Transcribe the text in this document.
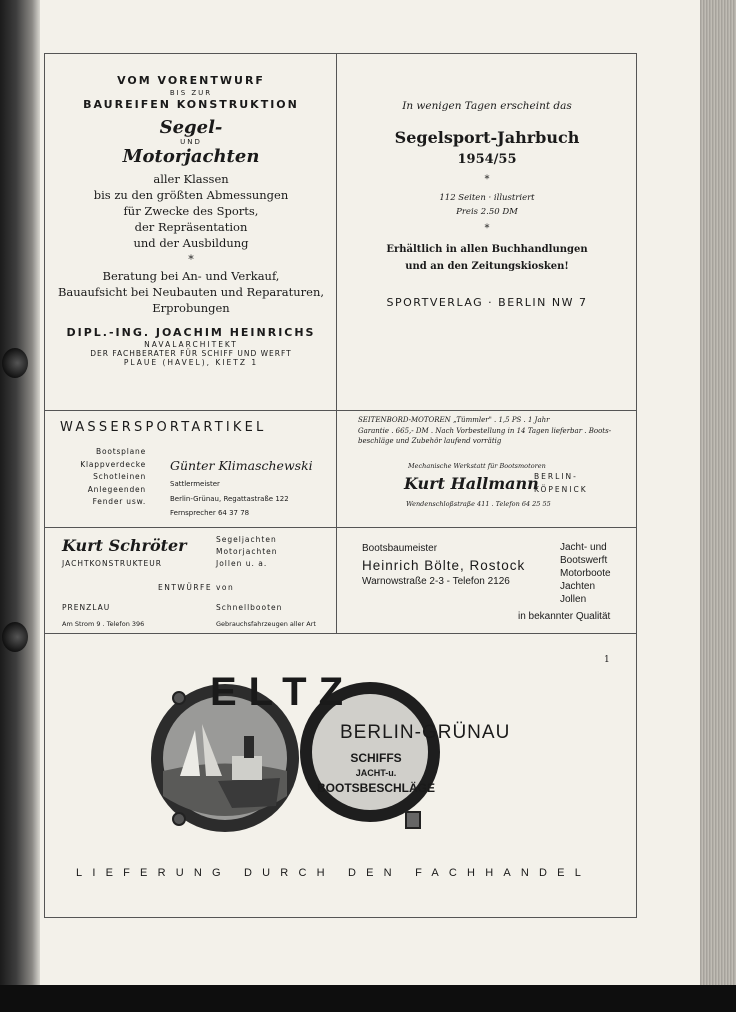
VOM VORENTWURF
BIS ZUR
BAUREIFEN KONSTRUKTION
Segel-
UND
Motorjachten
aller Klassen
bis zu den größten Abmessungen
für Zwecke des Sports,
der Repräsentation
und der Ausbildung
*
Beratung bei An- und Verkauf,
Bauaufsicht bei Neubauten und Reparaturen,
Erprobungen
DIPL.-ING. JOACHIM HEINRICHS
NAVALARCHITEKT
DER FACHBERATER FÜR SCHIFF UND WERFT
PLAUE (HAVEL), KIETZ 1
In wenigen Tagen erscheint das
Segelsport-Jahrbuch
1954/55
*
112 Seiten · illustriert
Preis 2.50 DM
*
Erhältlich in allen Buchhandlungen
und an den Zeitungskiosken!
SPORTVERLAG · BERLIN NW 7
WASSERSPORTARTIKEL
Bootsplane
Klappverdecke
Schotleinen
Anlegeenden
Fender usw.
Günter Klimaschewski
Sattlermeister
Berlin-Grünau, Regattastraße 122
Fernsprecher 64 37 78
SEITENBORD-MOTOREN „Tümmler" . 1,5 PS . 1 Jahr
Garantie . 665,- DM . Nach Vorbestellung in 14 Tagen lieferbar . Boots-
beschläge und Zubehör laufend vorrätig
Mechanische Werkstatt für Bootsmotoren
Kurt Hallmann
BERLIN-
KÖPENICK
Wendenschloßstraße 411 . Telefon 64 25 55
Kurt Schröter
JACHTKONSTRUKTEUR
Segeljachten
Motorjachten
Jollen u. a.
ENTWÜRFE von
PRENZLAU	Schnellbooten
Am Strom 9 . Telefon 396	Gebrauchsfahrzeugen aller Art
Bootsbaumeister
Heinrich Bölte, Rostock
Warnowstraße 2-3 - Telefon 2126
Jacht- und
Bootswerft
Motorboote
Jachten
Jollen
in bekannter Qualität
1
ELTZ
BERLIN-GRÜNAU
SCHIFFS
JACHT-u.
BOOTSBESCHLÄGE
LIEFERUNG DURCH DEN FACHHANDEL
